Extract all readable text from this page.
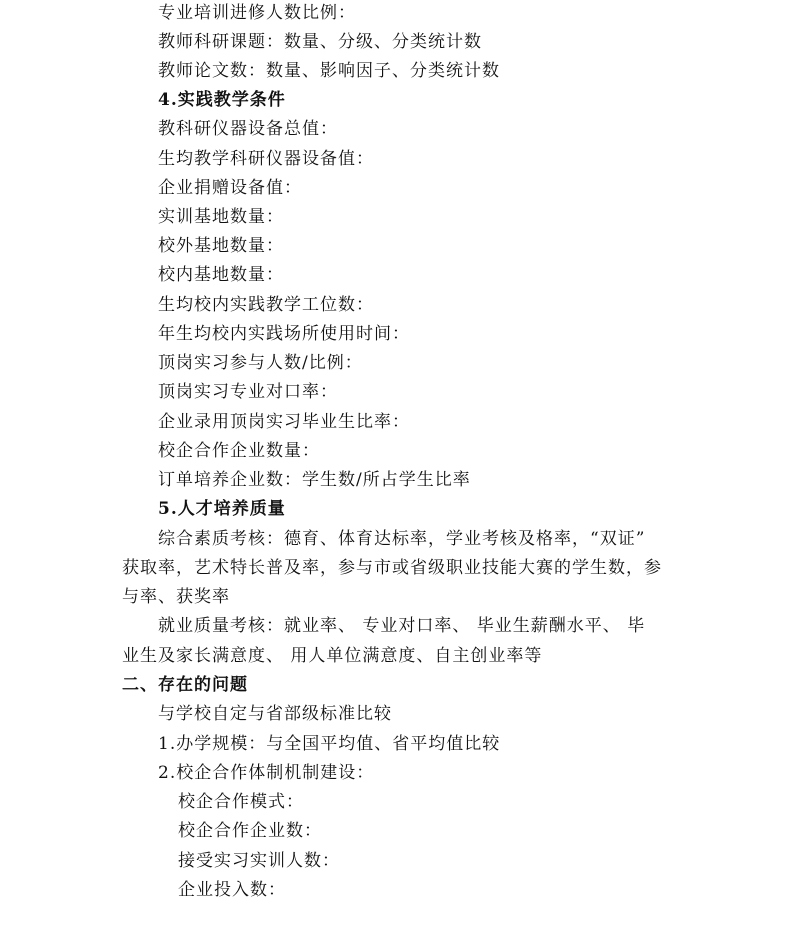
专业培训进修人数比例：
教师科研课题：数量、分级、分类统计数
教师论文数：数量、影响因子、分类统计数
4.实践教学条件
教科研仪器设备总值：
生均教学科研仪器设备值：
企业捐赠设备值：
实训基地数量：
校外基地数量：
校内基地数量：
生均校内实践教学工位数：
年生均校内实践场所使用时间：
顶岗实习参与人数/比例：
顶岗实习专业对口率：
企业录用顶岗实习毕业生比率：
校企合作企业数量：
订单培养企业数：学生数/所占学生比率
5.人才培养质量
综合素质考核：德育、体育达标率，学业考核及格率，“双证”
获取率，艺术特长普及率，参与市或省级职业技能大赛的学生数，参
与率、获奖率
就业质量考核：就业率、 专业对口率、 毕业生薪酬水平、 毕
业生及家长满意度、 用人单位满意度、自主创业率等
二、存在的问题
与学校自定与省部级标准比较
1.办学规模：与全国平均值、省平均值比较
2.校企合作体制机制建设：
校企合作模式：
校企合作企业数：
接受实习实训人数：
企业投入数：
